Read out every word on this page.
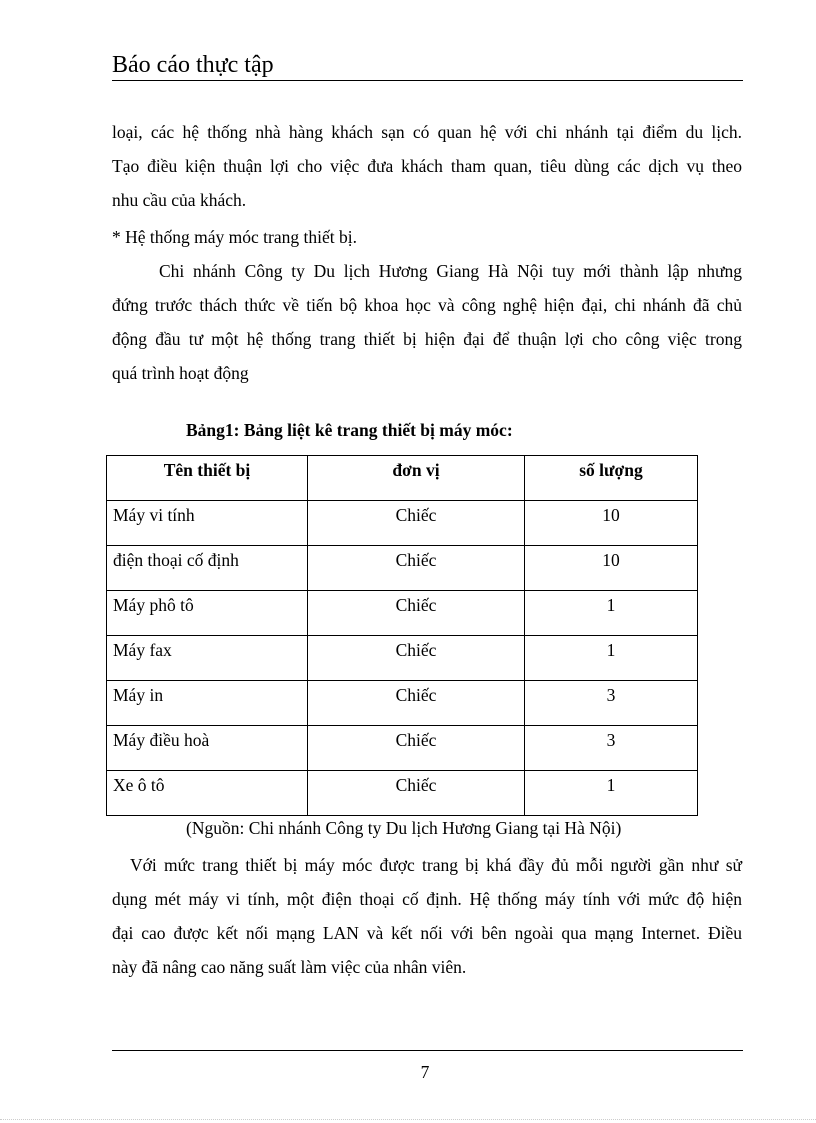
Báo cáo thực tập
loại, các hệ thống nhà hàng khách sạn có quan hệ với chi nhánh tại điểm du lịch.
Tạo điều kiện thuận lợi cho việc đưa khách tham quan, tiêu dùng các dịch vụ theo
nhu cầu của khách.
* Hệ thống máy móc trang thiết bị.
Chi nhánh Công ty Du lịch Hương Giang Hà Nội tuy mới thành lập nhưng
đứng trước thách thức về tiến bộ khoa học và công nghệ hiện đại, chi nhánh đã chủ
động đầu tư một hệ thống trang thiết bị hiện đại để thuận lợi cho công việc trong
quá trình hoạt động
Bảng1: Bảng liệt kê trang thiết bị máy móc:
Tên thiết bị	đơn vị	số lượng
Máy vi tính	Chiếc	10
điện thoại cố định	Chiếc	10
Máy phô tô	Chiếc	1
Máy fax	Chiếc	1
Máy in	Chiếc	3
Máy điều hoà	Chiếc	3
Xe ô tô	Chiếc	1
(Nguồn: Chi nhánh Công ty Du lịch Hương Giang tại Hà Nội)
Với mức trang thiết bị máy móc được trang bị khá đầy đủ mỗi người gần như sử
dụng mét máy vi tính, một điện thoại cố định. Hệ thống máy tính với mức độ hiện
đại cao được kết nối mạng LAN và kết nối với bên ngoài qua mạng Internet. Điều
này đã nâng cao năng suất làm việc của nhân viên.
7
